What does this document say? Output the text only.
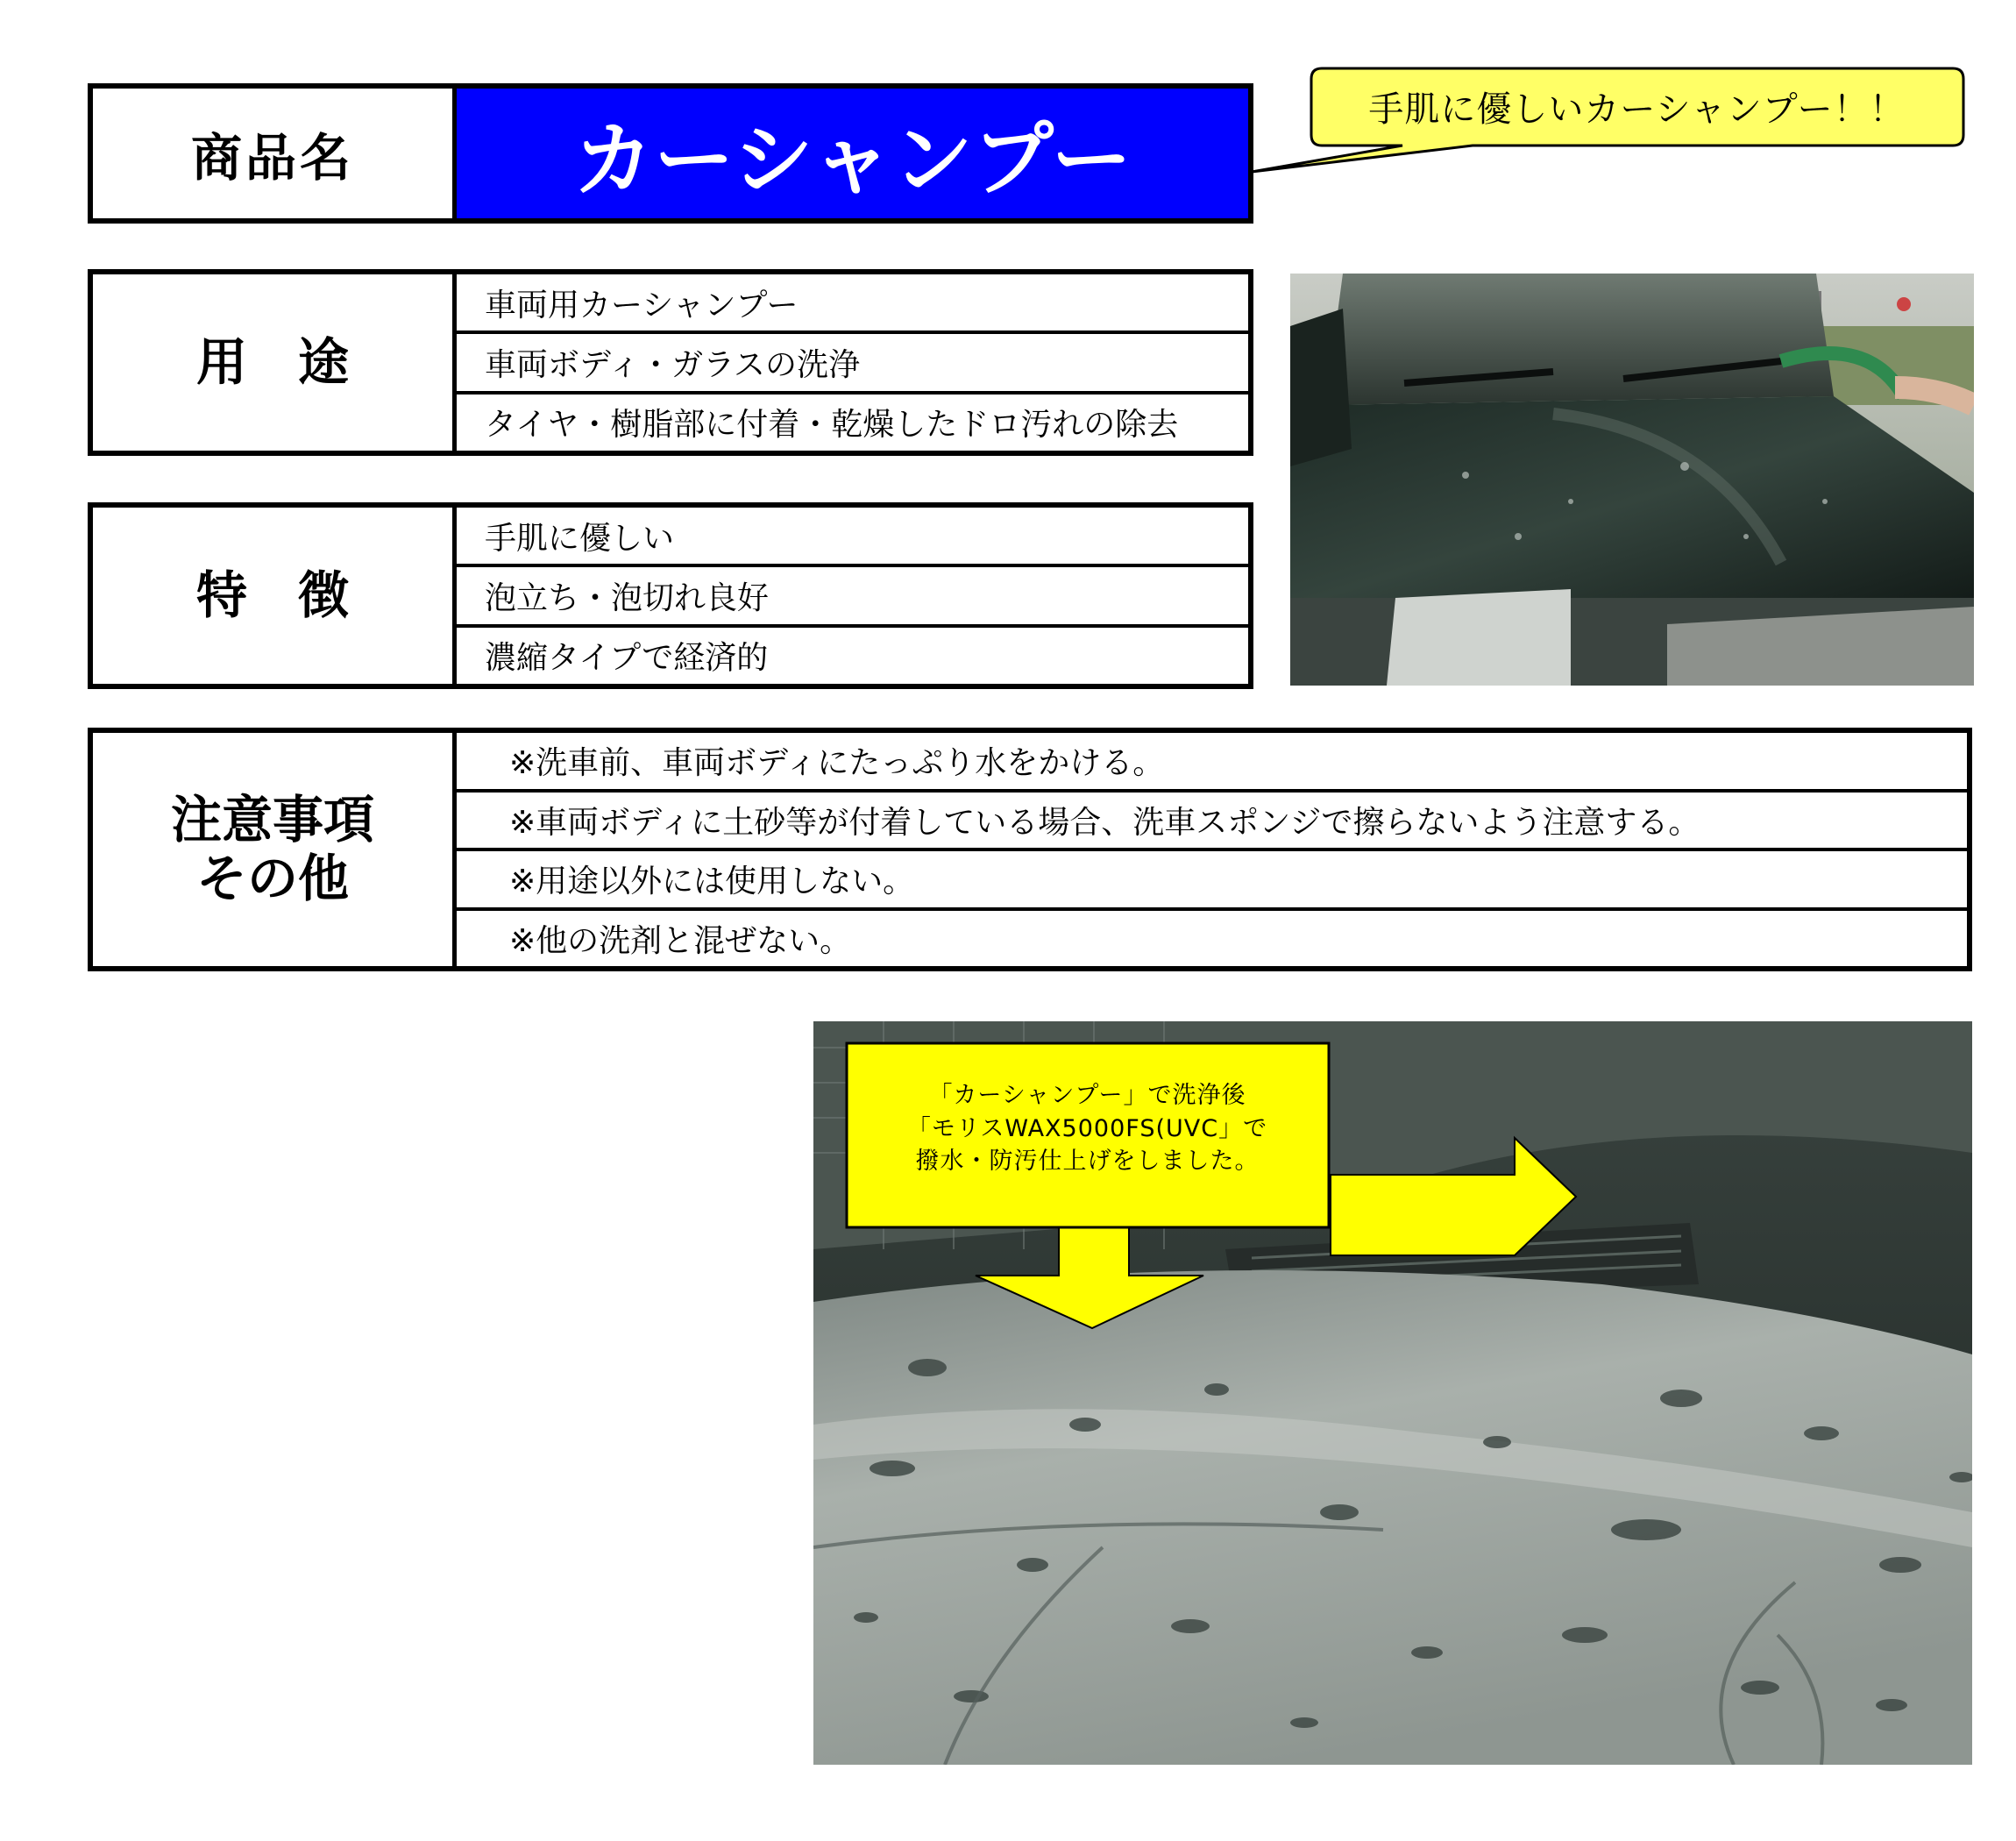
商品名	カーシャンプー
手肌に優しいカーシャンプー！！
用　途
車両用カーシャンプー
車両ボディ・ガラスの洗浄
タイヤ・樹脂部に付着・乾燥したドロ汚れの除去
特　徴
手肌に優しい
泡立ち・泡切れ良好
濃縮タイプで経済的
注意事項
その他
※洗車前、車両ボディにたっぷり水をかける。
※車両ボディに土砂等が付着している場合、洗車スポンジで擦らないよう注意する。
※用途以外には使用しない。
※他の洗剤と混ぜない。
「カーシャンプー」で洗浄後
「モリスWAX5000FS(UVC」で
撥水・防汚仕上げをしました。
